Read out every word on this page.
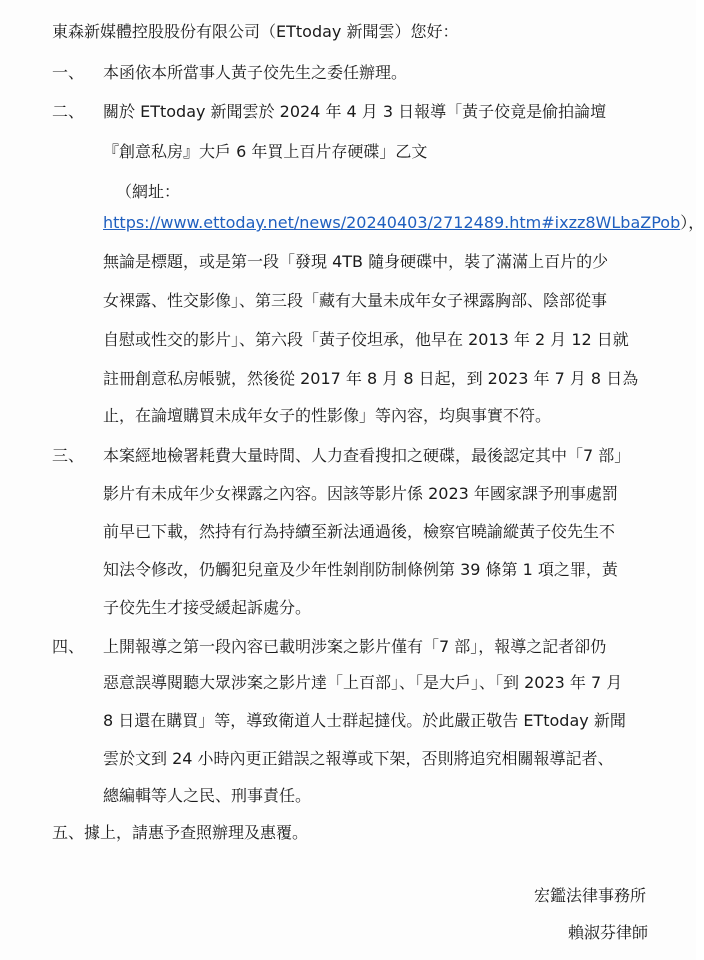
東森新媒體控股股份有限公司（ETtoday 新聞雲）您好：
一、	本函依本所當事人黃子佼先生之委任辦理。
二、	關於 ETtoday 新聞雲於 2024 年 4 月 3 日報導「黃子佼竟是偷拍論壇
『創意私房』大戶 6 年買上百片存硬碟」乙文
（網址：
https://www.ettoday.net/news/20240403/2712489.htm#ixzz8WLbaZPob），
無論是標題，或是第一段「發現 4TB 隨身硬碟中，裝了滿滿上百片的少
女裸露、性交影像」、第三段「藏有大量未成年女子裸露胸部、陰部從事
自慰或性交的影片」、第六段「黃子佼坦承，他早在 2013 年 2 月 12 日就
註冊創意私房帳號，然後從 2017 年 8 月 8 日起，到 2023 年 7 月 8 日為
止，在論壇購買未成年女子的性影像」等內容，均與事實不符。
三、	本案經地檢署耗費大量時間、人力查看搜扣之硬碟，最後認定其中「7 部」
影片有未成年少女裸露之內容。因該等影片係 2023 年國家課予刑事處罰
前早已下載，然持有行為持續至新法通過後，檢察官曉諭縱黃子佼先生不
知法令修改，仍觸犯兒童及少年性剝削防制條例第 39 條第 1 項之罪，黃
子佼先生才接受緩起訴處分。
四、	上開報導之第一段內容已載明涉案之影片僅有「7 部」，報導之記者卻仍
惡意誤導閱聽大眾涉案之影片達「上百部」、「是大戶」、「到 2023 年 7 月
8 日還在購買」等，導致衛道人士群起撻伐。於此嚴正敬告 ETtoday 新聞
雲於文到 24 小時內更正錯誤之報導或下架，否則將追究相關報導記者、
總編輯等人之民、刑事責任。
五、據上，請惠予查照辦理及惠覆。
宏鑑法律事務所
賴淑芬律師
